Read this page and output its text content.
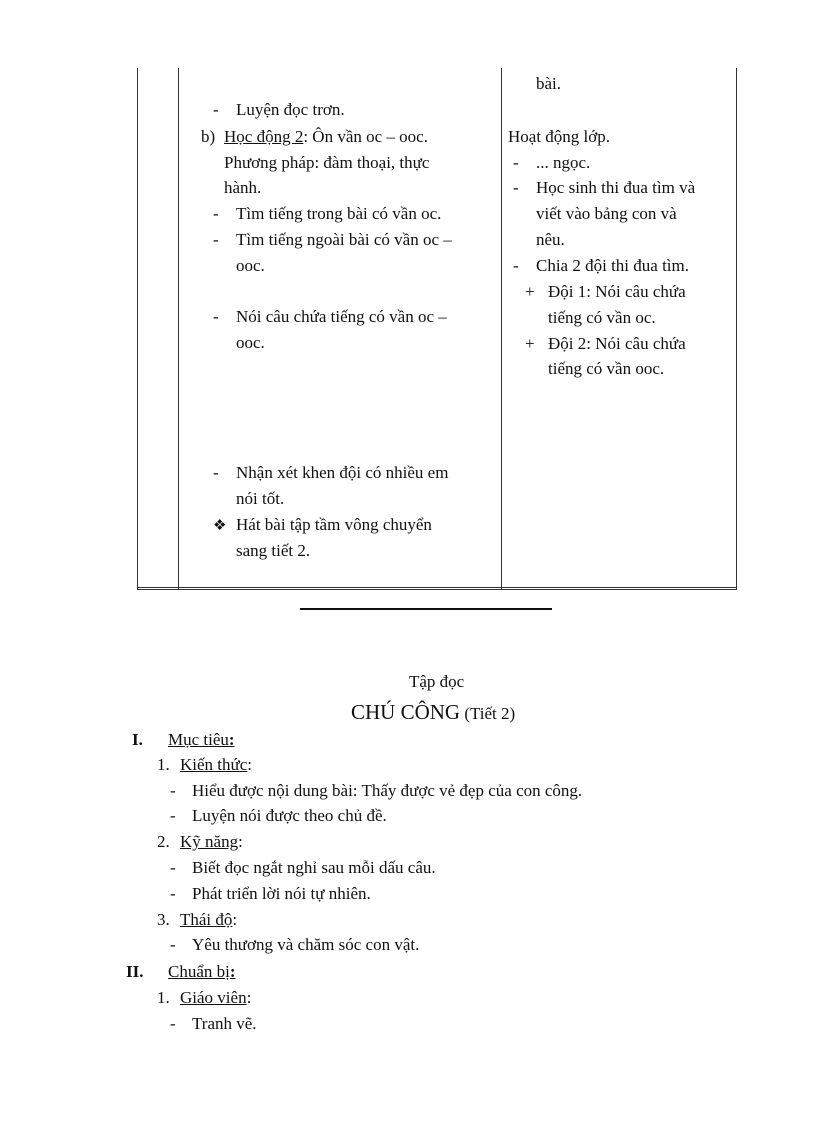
- Luyện đọc trơn.
b) Học động 2: Ôn vần oc – ooc.
Phương pháp: đàm thoại, thực
hành.
- Tìm tiếng trong bài có vần oc.
- Tìm tiếng ngoài bài có vần oc –
ooc.
- Nói câu chứa tiếng có vần oc –
ooc.
- Nhận xét khen đội có nhiều em
nói tốt.
❖ Hát bài tập tầm vông chuyển
sang tiết 2.
bài.
Hoạt động lớp.
- ... ngọc.
- Học sinh thi đua tìm và
viết vào bảng con và
nêu.
- Chia 2 đội thi đua tìm.
+ Đội 1: Nói câu chứa
tiếng có vần oc.
+ Đội 2: Nói câu chứa
tiếng có vần ooc.
Tập đọc
CHÚ CÔNG (Tiết 2)
I. Mục tiêu:
1. Kiến thức:
- Hiểu được nội dung bài: Thấy được vẻ đẹp của con công.
- Luyện nói được theo chủ đề.
2. Kỹ năng:
- Biết đọc ngắt nghỉ sau mỗi dấu câu.
- Phát triển lời nói tự nhiên.
3. Thái độ:
- Yêu thương và chăm sóc con vật.
II. Chuẩn bị:
1. Giáo viên:
- Tranh vẽ.
